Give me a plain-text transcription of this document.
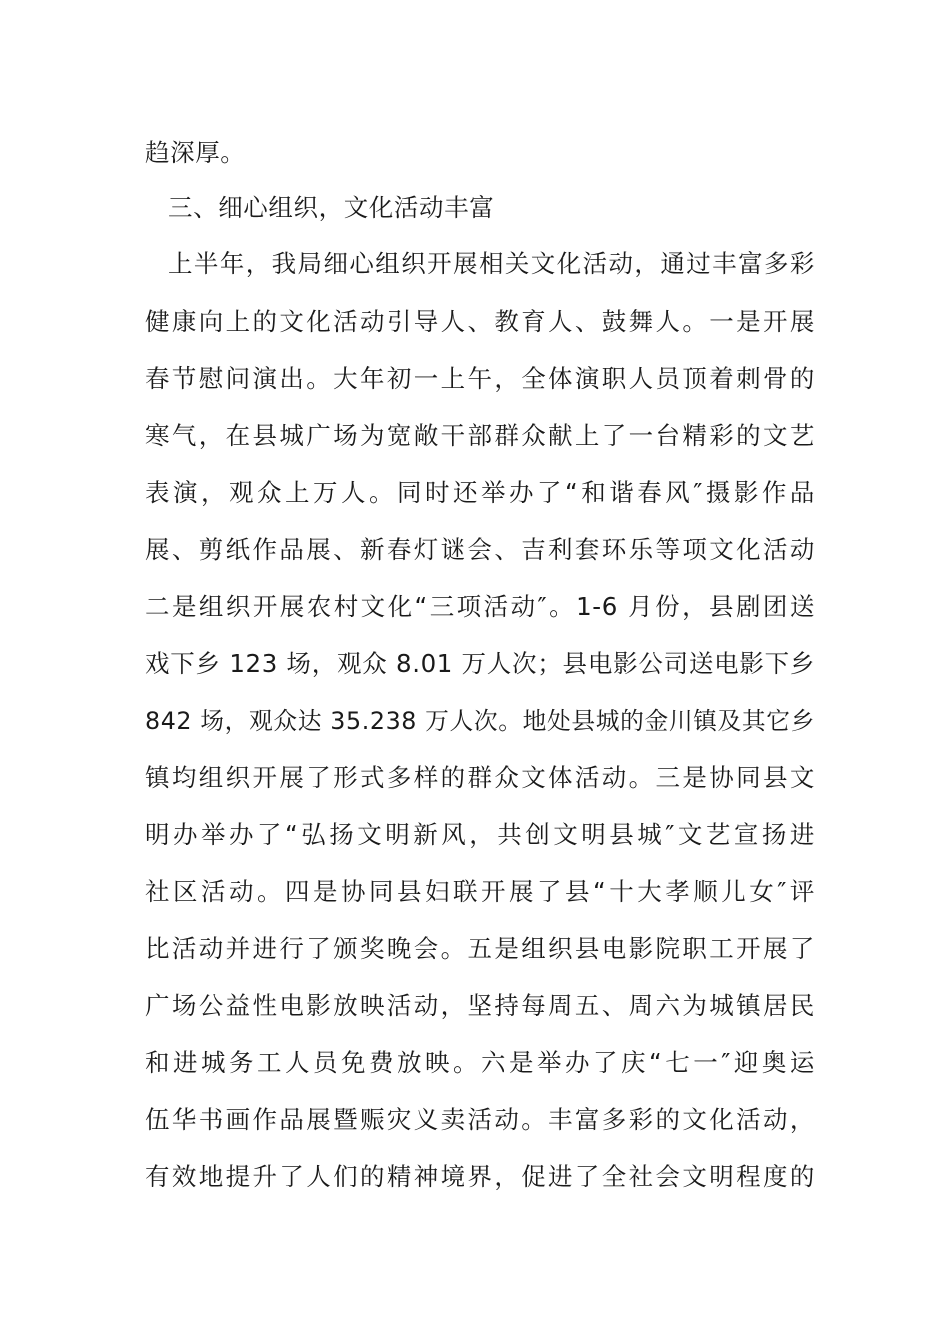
趋深厚。
三、细心组织，文化活动丰富
上半年，我局细心组织开展相关文化活动，通过丰富多彩
健康向上的文化活动引导人、教育人、鼓舞人。一是开展
春节慰问演出。大年初一上午，全体演职人员顶着刺骨的
寒气，在县城广场为宽敞干部群众献上了一台精彩的文艺
表演，观众上万人。同时还举办了“和谐春风″摄影作品
展、剪纸作品展、新春灯谜会、吉利套环乐等项文化活动
二是组织开展农村文化“三项活动″。1-6 月份，县剧团送
戏下乡 123 场，观众 8.01 万人次；县电影公司送电影下乡
842 场，观众达 35.238 万人次。地处县城的金川镇及其它乡
镇均组织开展了形式多样的群众文体活动。三是协同县文
明办举办了“弘扬文明新风，共创文明县城″文艺宣扬进
社区活动。四是协同县妇联开展了县“十大孝顺儿女″评
比活动并进行了颁奖晚会。五是组织县电影院职工开展了
广场公益性电影放映活动，坚持每周五、周六为城镇居民
和进城务工人员免费放映。六是举办了庆“七一″迎奥运
伍华书画作品展暨赈灾义卖活动。丰富多彩的文化活动，
有效地提升了人们的精神境界，促进了全社会文明程度的
